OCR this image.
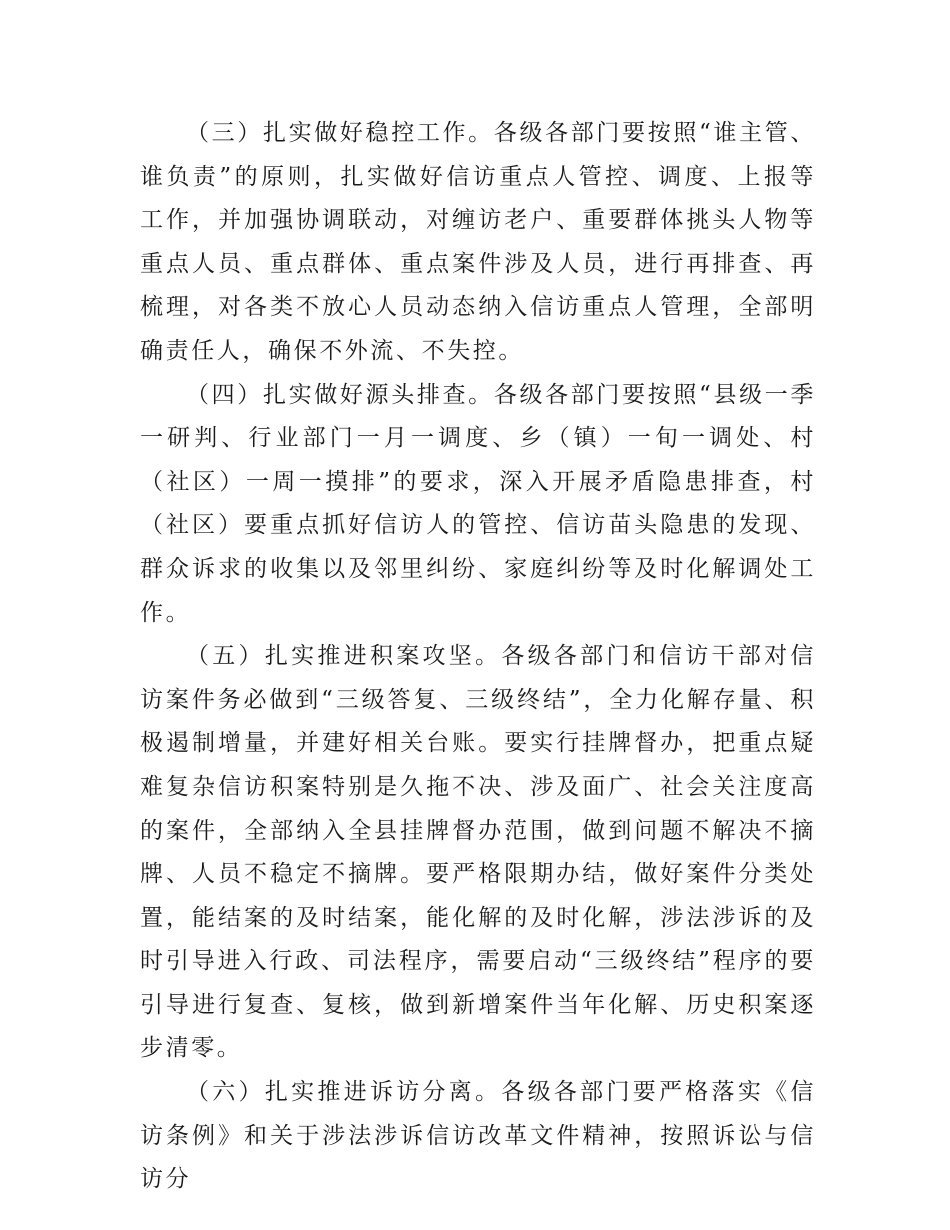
（三）扎实做好稳控工作。各级各部门要按照“谁主管、谁负责”的原则，扎实做好信访重点人管控、调度、上报等工作，并加强协调联动，对缠访老户、重要群体挑头人物等重点人员、重点群体、重点案件涉及人员，进行再排查、再梳理，对各类不放心人员动态纳入信访重点人管理，全部明确责任人，确保不外流、不失控。

（四）扎实做好源头排查。各级各部门要按照“县级一季一研判、行业部门一月一调度、乡（镇）一旬一调处、村（社区）一周一摸排”的要求，深入开展矛盾隐患排查，村（社区）要重点抓好信访人的管控、信访苗头隐患的发现、群众诉求的收集以及邻里纠纷、家庭纠纷等及时化解调处工作。

（五）扎实推进积案攻坚。各级各部门和信访干部对信访案件务必做到“三级答复、三级终结”，全力化解存量、积极遏制增量，并建好相关台账。要实行挂牌督办，把重点疑难复杂信访积案特别是久拖不决、涉及面广、社会关注度高的案件，全部纳入全县挂牌督办范围，做到问题不解决不摘牌、人员不稳定不摘牌。要严格限期办结，做好案件分类处置，能结案的及时结案，能化解的及时化解，涉法涉诉的及时引导进入行政、司法程序，需要启动“三级终结”程序的要引导进行复查、复核，做到新增案件当年化解、历史积案逐步清零。

（六）扎实推进诉访分离。各级各部门要严格落实《信访条例》和关于涉法涉诉信访改革文件精神，按照诉讼与信访分
